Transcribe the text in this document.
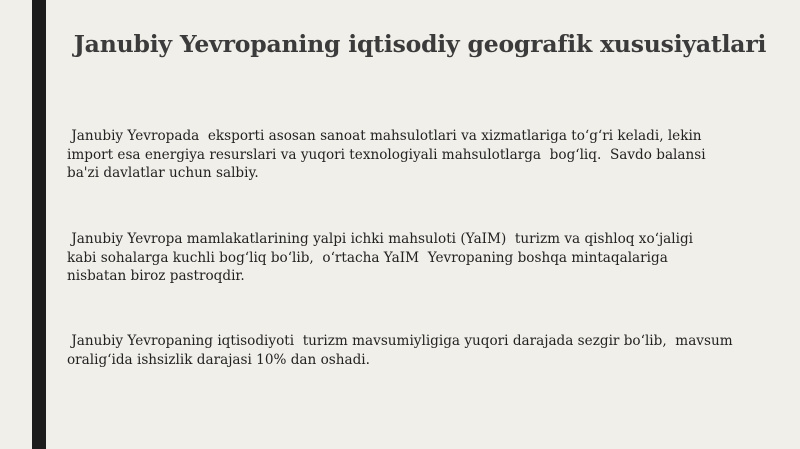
Janubiy Yevropaning iqtisodiy geografik xususiyatlari
Janubiy Yevropada  eksporti asosan sanoat mahsulotlari va xizmatlariga to‘g‘ri keladi, lekin
import esa energiya resurslari va yuqori texnologiyali mahsulotlarga  bog‘liq.  Savdo balansi
ba'zi davlatlar uchun salbiy.
Janubiy Yevropa mamlakatlarining yalpi ichki mahsuloti (YaIM)  turizm va qishloq xo‘jaligi
kabi sohalarga kuchli bog‘liq bo‘lib,  o‘rtacha YaIM  Yevropaning boshqa mintaqalariga
nisbatan biroz pastroqdir.
Janubiy Yevropaning iqtisodiyoti  turizm mavsumiyligiga yuqori darajada sezgir bo‘lib,  mavsum
oralig‘ida ishsizlik darajasi 10% dan oshadi.
